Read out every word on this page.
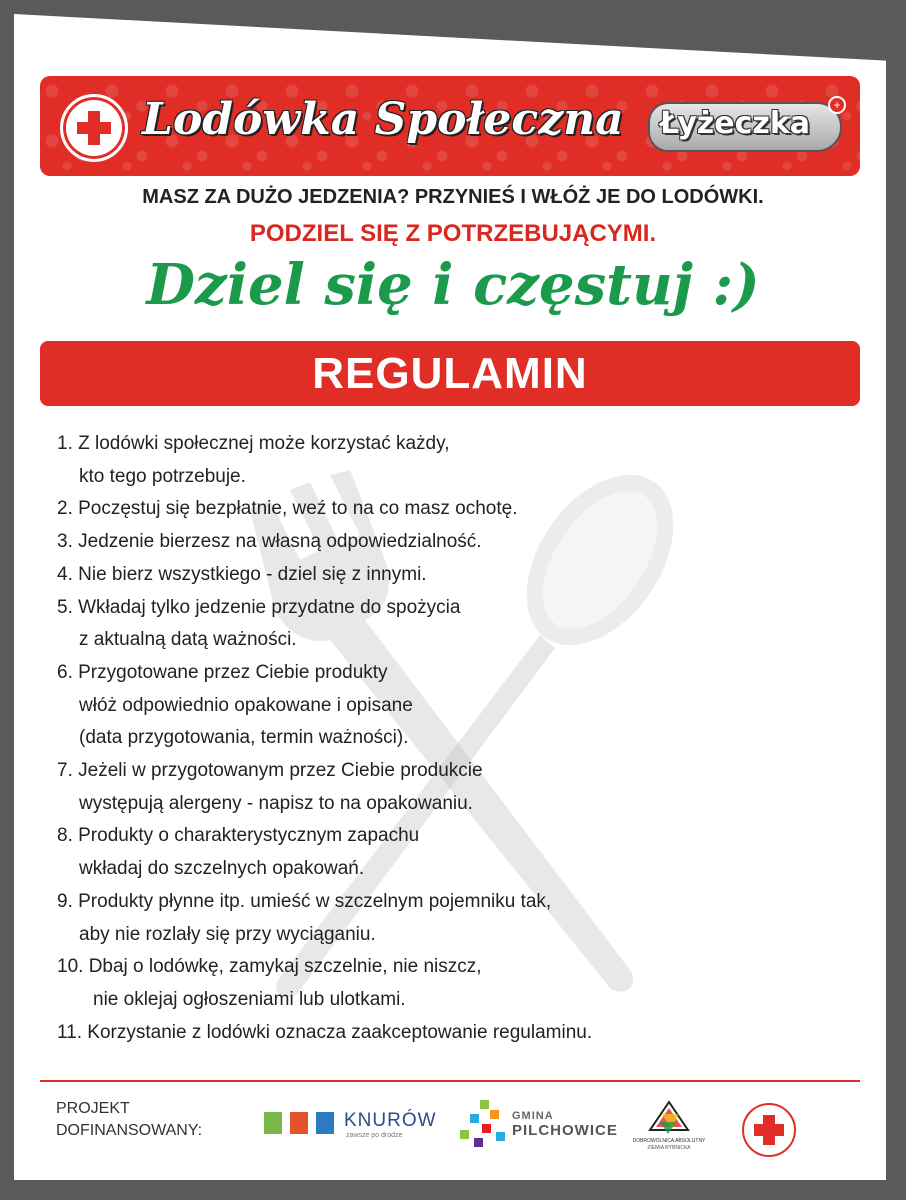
Lodówka Społeczna Łyżeczka
+
MASZ ZA DUŻO JEDZENIA? PRZYNIEŚ I WŁÓŻ JE DO LODÓWKI.
PODZIEL SIĘ Z POTRZEBUJĄCYMI.
Dziel się i częstuj :)
REGULAMIN
1. Z lodówki społecznej może korzystać każdy,
kto tego potrzebuje.
2. Poczęstuj się bezpłatnie, weź to na co masz ochotę.
3. Jedzenie bierzesz na własną odpowiedzialność.
4. Nie bierz wszystkiego - dziel się z innymi.
5. Wkładaj tylko jedzenie przydatne do spożycia
z aktualną datą ważności.
6. Przygotowane przez Ciebie produkty
włóż odpowiednio opakowane i opisane
(data przygotowania, termin ważności).
7. Jeżeli w przygotowanym przez Ciebie produkcie
występują alergeny - napisz to na opakowaniu.
8. Produkty o charakterystycznym zapachu
wkładaj do szczelnych opakowań.
9. Produkty płynne itp. umieść w szczelnym pojemniku tak,
aby nie rozlały się przy wyciąganiu.
10. Dbaj o lodówkę, zamykaj szczelnie, nie niszcz,
nie oklejaj ogłoszeniami lub ulotkami.
11. Korzystanie z lodówki oznacza zaakceptowanie regulaminu.
PROJEKT
DOFINANSOWANY:	KNURÓW
zawsze po drodze
GMINA
PILCHOWICE
DOBROWOLNICA ABSOLUTNY
ZIEMIA RYBNICKA
